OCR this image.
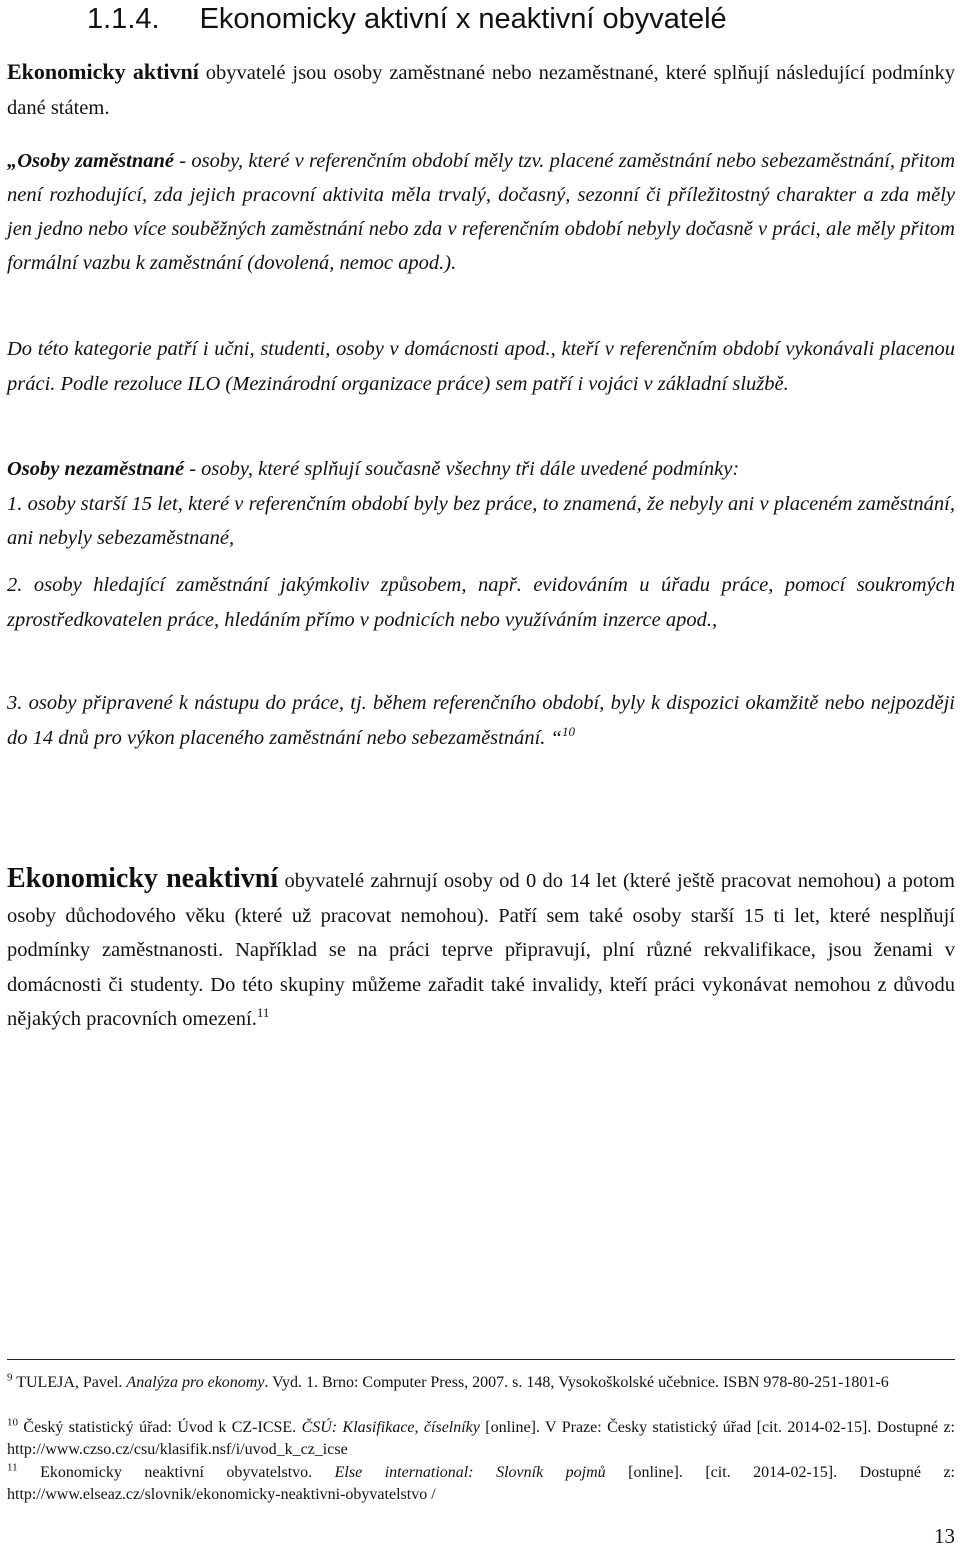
1.1.4. Ekonomicky aktivní x neaktivní obyvatelé

Ekonomicky aktivní obyvatelé jsou osoby zaměstnané nebo nezaměstnané, které splňují následující podmínky dané státem.

„Osoby zaměstnané - osoby, které v referenčním období měly tzv. placené zaměstnání nebo sebezaměstnání, přitom není rozhodující, zda jejich pracovní aktivita měla trvalý, dočasný, sezonní či příležitostný charakter a zda měly jen jedno nebo více souběžných zaměstnání nebo zda v referenčním období nebyly dočasně v práci, ale měly přitom formální vazbu k zaměstnání (dovolená, nemoc apod.).

Do této kategorie patří i učni, studenti, osoby v domácnosti apod., kteří v referenčním období vykonávali placenou práci. Podle rezoluce ILO (Mezinárodní organizace práce) sem patří i vojáci v základní službě.

Osoby nezaměstnané - osoby, které splňují současně všechny tři dále uvedené podmínky:
1. osoby starší 15 let, které v referenčním období byly bez práce, to znamená, že nebyly ani v placeném zaměstnání, ani nebyly sebezaměstnané,

2. osoby hledající zaměstnání jakýmkoliv způsobem, např. evidováním u úřadu práce, pomocí soukromých zprostředkovatelen práce, hledáním přímo v podnicích nebo využíváním inzerce apod.,

3. osoby připravené k nástupu do práce, tj. během referenčního období, byly k dispozici okamžitě nebo nejpozději do 14 dnů pro výkon placeného zaměstnání nebo sebezaměstnání. “$^{10}$

Ekonomicky neaktivní obyvatelé zahrnují osoby od 0 do 14 let (které ještě pracovat nemohou) a potom osoby důchodového věku (které už pracovat nemohou). Patří sem také osoby starší 15 ti let, které nesplňují podmínky zaměstnanosti. Například se na práci teprve připravují, plní různé rekvalifikace, jsou ženami v domácnosti či studenty. Do této skupiny můžeme zařadit také invalidy, kteří práci vykonávat nemohou z důvodu nějakých pracovních omezení.$^{11}$

$^9$ TULEJA, Pavel. Analýza pro ekonomy. Vyd. 1. Brno: Computer Press, 2007. s. 148, Vysokoškolské učebnice. ISBN 978-80-251-1801-6

$^{10}$ Český statistický úřad: Úvod k CZ-ICSE. ČSÚ: Klasifikace, číselníky [online]. V Praze: Česky statistický úřad [cit. 2014-02-15]. Dostupné z: http://www.czso.cz/csu/klasifik.nsf/i/uvod_k_cz_icse

$^{11}$ Ekonomicky neaktivní obyvatelstvo. Else international: Slovník pojmů [online]. [cit. 2014-02-15]. Dostupné z: http://www.elseaz.cz/slovnik/ekonomicky-neaktivni-obyvatelstvo /

13
